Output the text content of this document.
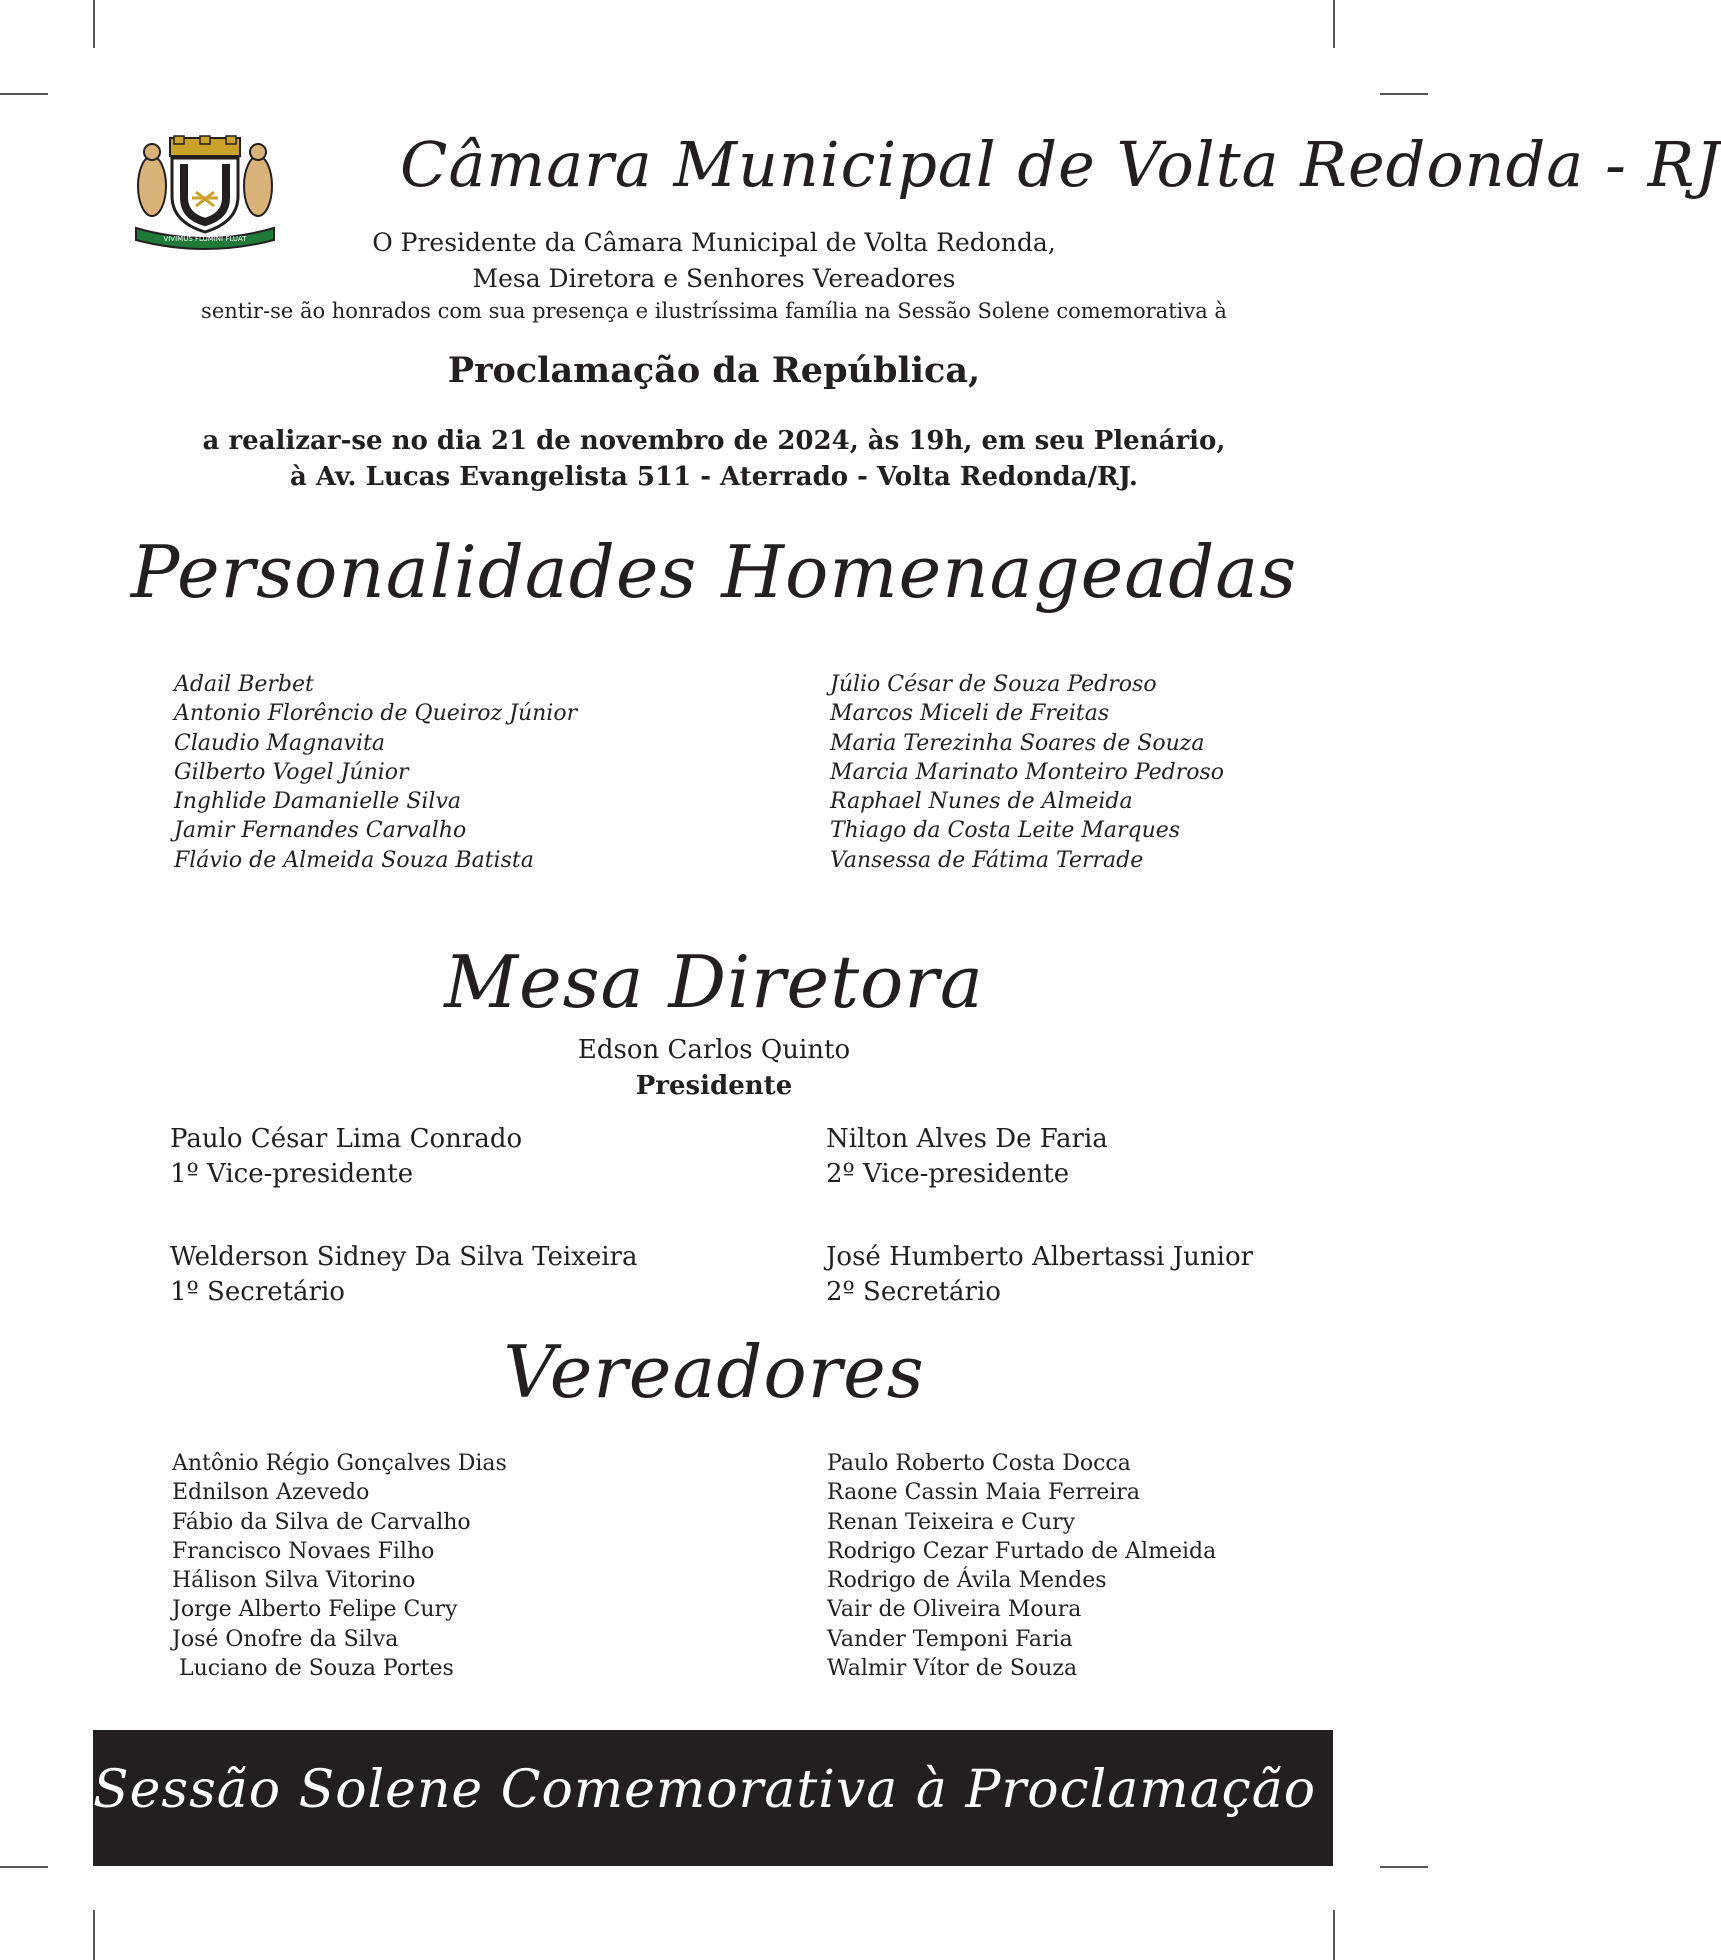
VIVIMUS FLUMINI FLUAT
Câmara Municipal de Volta Redonda - RJ
O Presidente da Câmara Municipal de Volta Redonda,
Mesa Diretora e Senhores Vereadores
sentir-se ão honrados com sua presença e ilustríssima família na Sessão Solene comemorativa à
Proclamação da República,
a realizar-se no dia 21 de novembro de 2024, às 19h, em seu Plenário,
à Av. Lucas Evangelista 511 - Aterrado - Volta Redonda/RJ.
Personalidades Homenageadas
Adail Berbet
Antonio Florêncio de Queiroz Júnior
Claudio Magnavita
Gilberto Vogel Júnior
Inghlide Damanielle Silva
Jamir Fernandes Carvalho
Flávio de Almeida Souza Batista
Júlio César de Souza Pedroso
Marcos Miceli de Freitas
Maria Terezinha Soares de Souza
Marcia Marinato Monteiro Pedroso
Raphael Nunes de Almeida
Thiago da Costa Leite Marques
Vansessa de Fátima Terrade
Mesa Diretora
Edson Carlos Quinto
Presidente
Paulo César Lima Conrado
1º Vice-presidente
Nilton Alves De Faria
2º Vice-presidente
Welderson Sidney Da Silva Teixeira
1º Secretário
José Humberto Albertassi Junior
2º Secretário
Vereadores
Antônio Régio Gonçalves Dias
Ednilson Azevedo
Fábio da Silva de Carvalho
Francisco Novaes Filho
Hálison Silva Vitorino
Jorge Alberto Felipe Cury
José Onofre da Silva
Luciano de Souza Portes
Paulo Roberto Costa Docca
Raone Cassin Maia Ferreira
Renan Teixeira e Cury
Rodrigo Cezar Furtado de Almeida
Rodrigo de Ávila Mendes
Vair de Oliveira Moura
Vander Temponi Faria
Walmir Vítor de Souza
Sessão Solene Comemorativa à Proclamação da República
